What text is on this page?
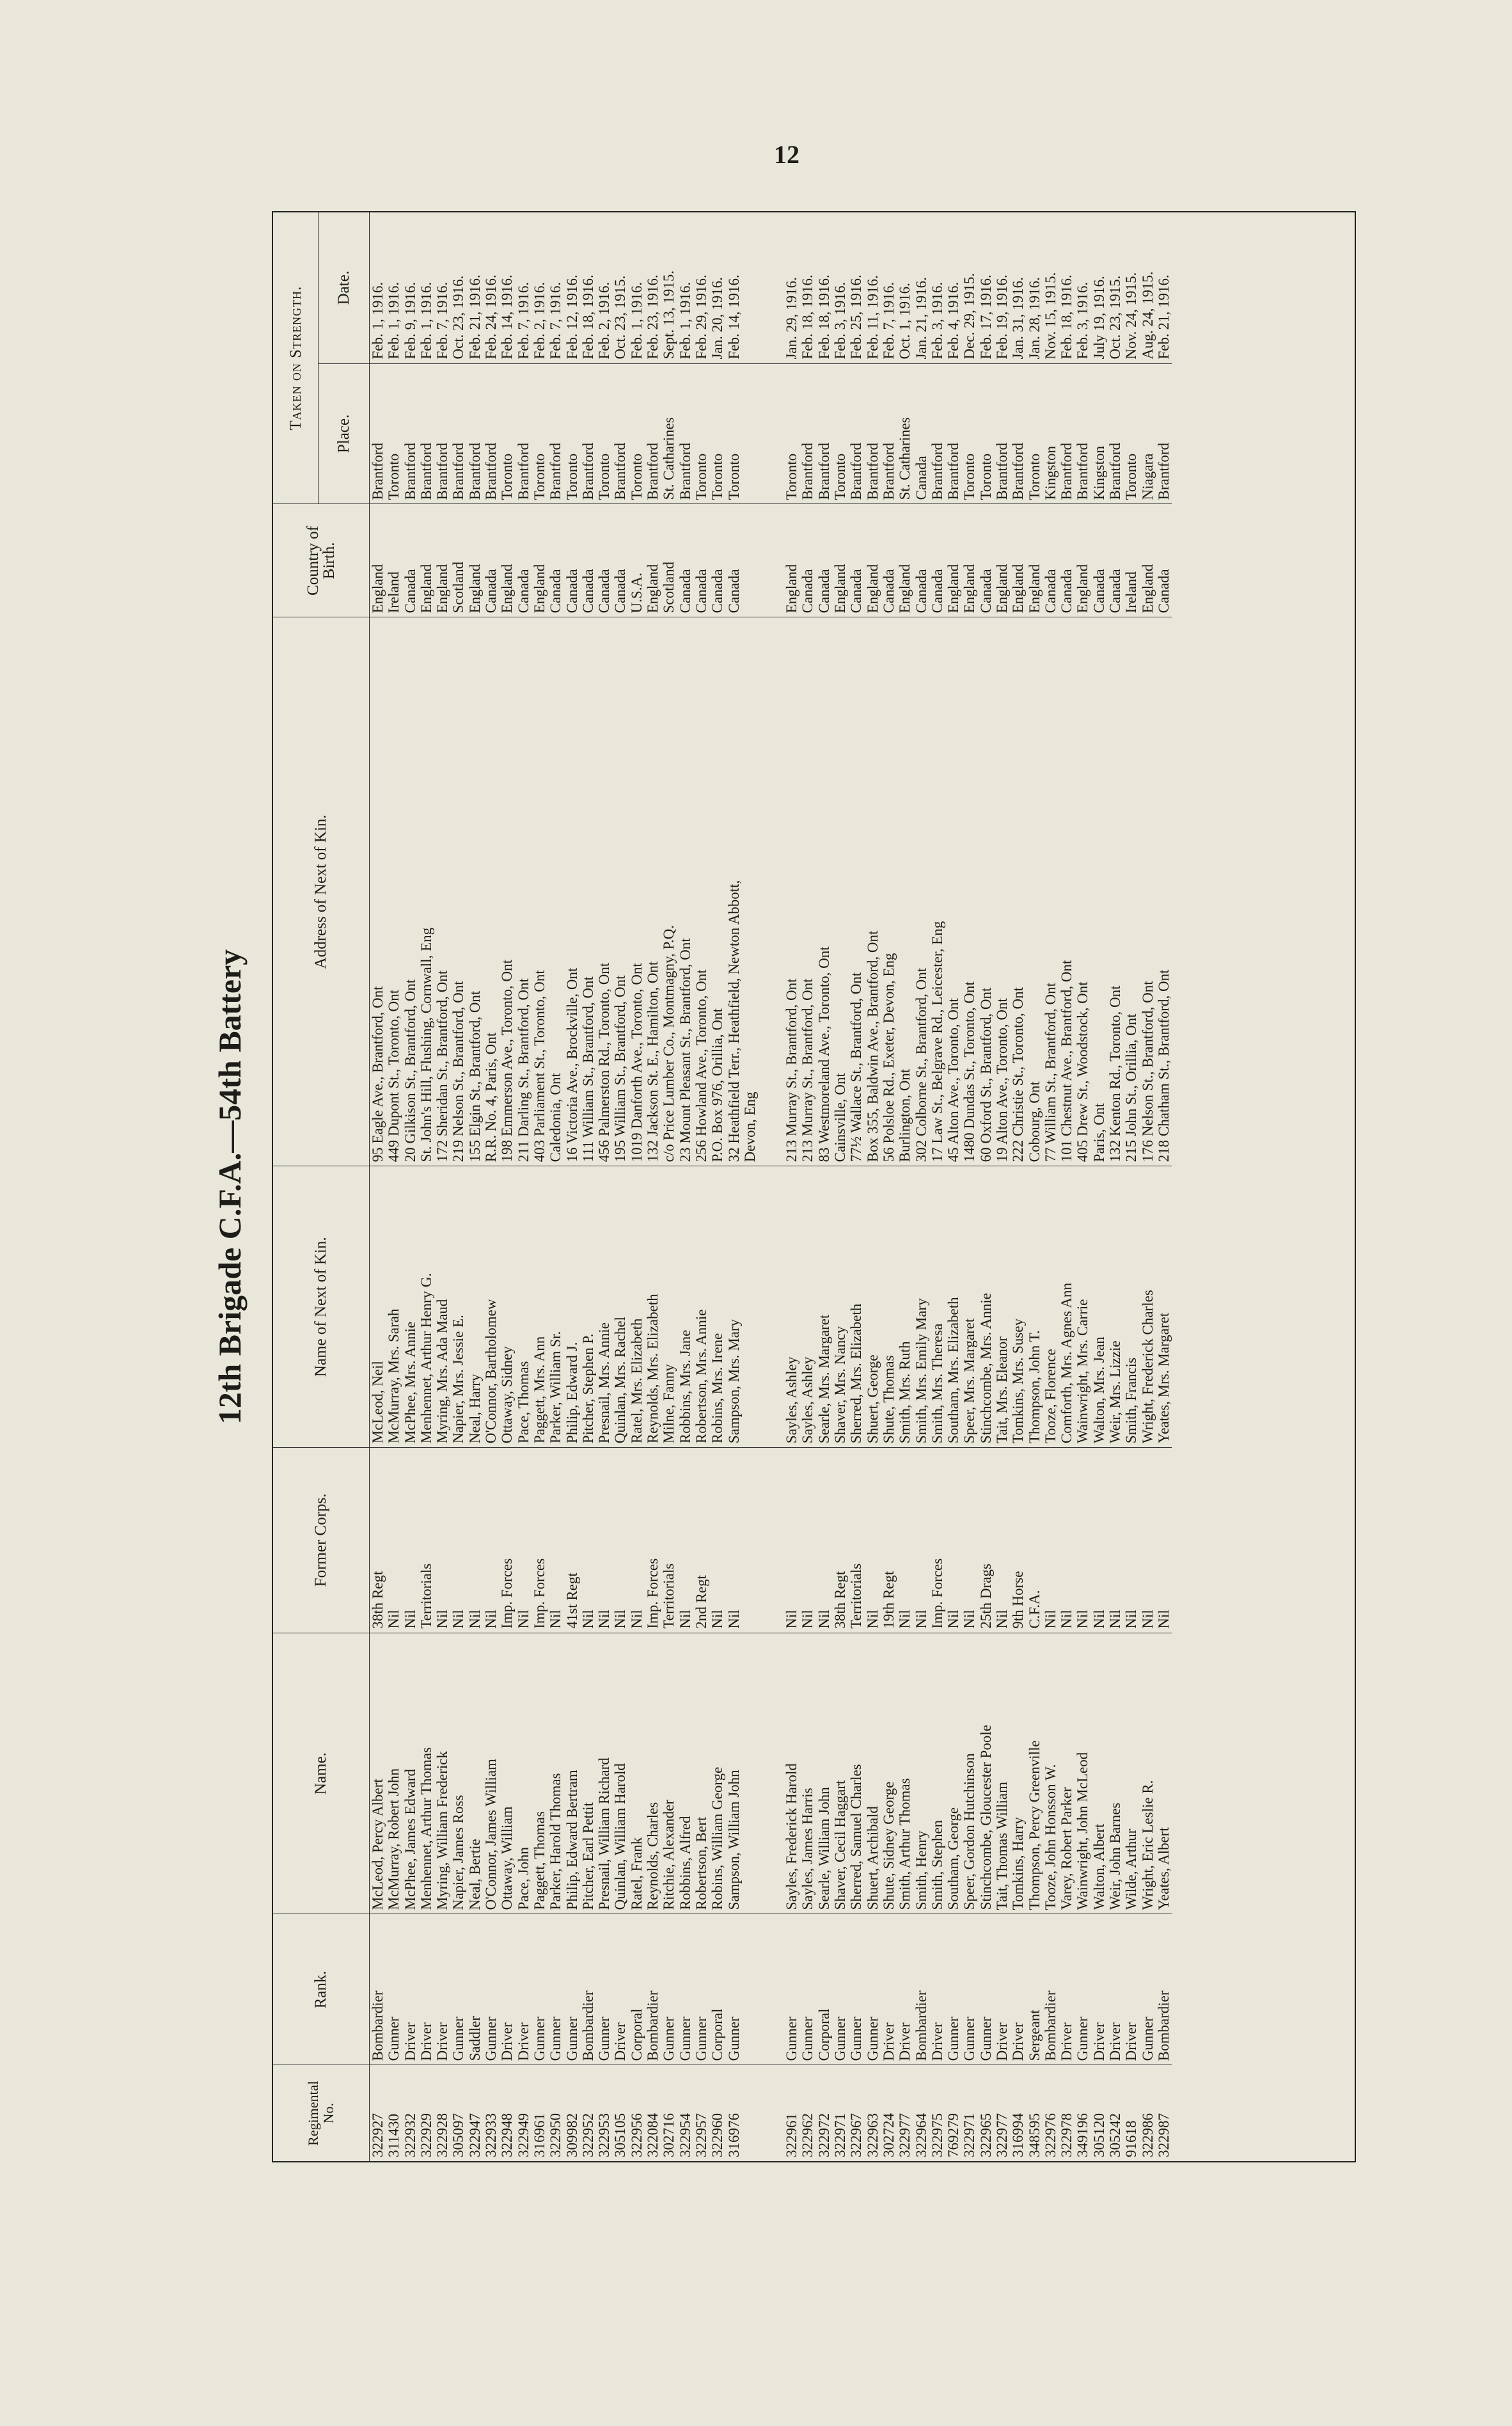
12
12th Brigade C.F.A.—54th Battery
Regimental No.	Rank.	Name.	Former Corps.	Name of Next of Kin.	Address of Next of Kin.	Country of Birth.	Taken on Strength.	
							Place.	Date.
322927	Bombardier	McLeod, Percy Albert	38th Regt	McLeod, Neil	95 Eagle Ave., Brantford, Ont	England	Brantford	Feb. 1, 1916.
311430	Gunner	McMurray, Robert John	Nil	McMurray, Mrs. Sarah	449 Dupont St., Toronto, Ont	Ireland	Toronto	Feb. 1, 1916.
322932	Driver	McPhee, James Edward	Nil	McPhee, Mrs. Annie	20 Gilkison St., Brantford, Ont	Canada	Brantford	Feb. 9, 1916.
322929	Driver	Menhennet, Arthur Thomas	Territorials	Menhennet, Arthur Henry G.	St. John's Hill, Flushing, Cornwall, Eng	England	Brantford	Feb. 1, 1916.
322928	Driver	Myring, William Frederick	Nil	Myring, Mrs. Ada Maud	172 Sheridan St., Brantford, Ont	England	Brantford	Feb. 7, 1916.
305097	Gunner	Napier, James Ross	Nil	Napier, Mrs. Jessie E.	219 Nelson St., Brantford, Ont	Scotland	Brantford	Oct. 23, 1916.
322947	Saddler	Neal, Bertie	Nil	Neal, Harry	155 Elgin St., Brantford, Ont	England	Brantford	Feb. 21, 1916.
322933	Gunner	O'Connor, James William	Nil	O'Connor, Bartholomew	R.R. No. 4, Paris, Ont	Canada	Brantford	Feb. 24, 1916.
322948	Driver	Ottaway, William	Imp. Forces	Ottaway, Sidney	198 Emmerson Ave., Toronto, Ont	England	Toronto	Feb. 14, 1916.
322949	Driver	Pace, John	Nil	Pace, Thomas	211 Darling St., Brantford, Ont	Canada	Brantford	Feb. 7, 1916.
316961	Gunner	Paggett, Thomas	Imp. Forces	Paggett, Mrs. Ann	403 Parliament St., Toronto, Ont	England	Toronto	Feb. 2, 1916.
322950	Gunner	Parker, Harold Thomas	Nil	Parker, William Sr.	Caledonia, Ont	Canada	Brantford	Feb. 7, 1916.
309982	Gunner	Philip, Edward Bertram	41st Regt	Philip, Edward J.	16 Victoria Ave., Brockville, Ont	Canada	Toronto	Feb. 12, 1916.
322952	Bombardier	Pitcher, Earl Pettit	Nil	Pitcher, Stephen P.	111 William St., Brantford, Ont	Canada	Brantford	Feb. 18, 1916.
322953	Gunner	Presnail, William Richard	Nil	Presnail, Mrs. Annie	456 Palmerston Rd., Toronto, Ont	Canada	Toronto	Feb. 2, 1916.
305105	Driver	Quinlan, William Harold	Nil	Quinlan, Mrs. Rachel	195 William St., Brantford, Ont	Canada	Brantford	Oct. 23, 1915.
322956	Corporal	Ratel, Frank	Nil	Ratel, Mrs. Elizabeth	1019 Danforth Ave., Toronto, Ont	U.S.A.	Toronto	Feb. 1, 1916.
322084	Bombardier	Reynolds, Charles	Imp. Forces	Reynolds, Mrs. Elizabeth	132 Jackson St. E., Hamilton, Ont	England	Brantford	Feb. 23, 1916.
302716	Gunner	Ritchie, Alexander	Territorials	Milne, Fanny	c/o Price Lumber Co., Montmagny, P.Q.	Scotland	St. Catharines	Sept. 13, 1915.
322954	Gunner	Robbins, Alfred	Nil	Robbins, Mrs. Jane	23 Mount Pleasant St., Brantford, Ont	Canada	Brantford	Feb. 1, 1916.
322957	Gunner	Robertson, Bert	2nd Regt	Robertson, Mrs. Annie	256 Howland Ave., Toronto, Ont	Canada	Toronto	Feb. 29, 1916.
322960	Corporal	Robins, William George	Nil	Robins, Mrs. Irene	P.O. Box 976, Orillia, Ont	Canada	Toronto	Jan. 20, 1916.
316976	Gunner	Sampson, William John	Nil	Sampson, Mrs. Mary	32 Heathfield Terr., Heathfield, Newton Abbott,	Canada	Toronto	Feb. 14, 1916.
					Devon, Eng			

322961	Gunner	Sayles, Frederick Harold	Nil	Sayles, Ashley	213 Murray St., Brantford, Ont	England	Toronto	Jan. 29, 1916.
322962	Gunner	Sayles, James Harris	Nil	Sayles, Ashley	213 Murray St., Brantford, Ont	Canada	Brantford	Feb. 18, 1916.
322972	Corporal	Searle, William John	Nil	Searle, Mrs. Margaret	83 Westmoreland Ave., Toronto, Ont	Canada	Brantford	Feb. 18, 1916.
322971	Gunner	Shaver, Cecil Haggart	38th Regt	Shaver, Mrs. Nancy	Cainsville, Ont	England	Toronto	Feb. 3, 1916.
322967	Gunner	Sherred, Samuel Charles	Territorials	Sherred, Mrs. Elizabeth	77½ Wallace St., Brantford, Ont	Canada	Brantford	Feb. 25, 1916.
322963	Gunner	Shuert, Archibald	Nil	Shuert, George	Box 355, Baldwin Ave., Brantford, Ont	England	Brantford	Feb. 11, 1916.
302724	Driver	Shute, Sidney George	19th Regt	Shute, Thomas	56 Polsloe Rd., Exeter, Devon, Eng	Canada	Brantford	Feb. 7, 1916.
322977	Driver	Smith, Arthur Thomas	Nil	Smith, Mrs. Ruth	Burlington, Ont	England	St. Catharines	Oct. 1, 1916.
322964	Bombardier	Smith, Henry	Nil	Smith, Mrs. Emily Mary	302 Colborne St., Brantford, Ont	Canada	Canada	Jan. 21, 1916.
322975	Driver	Smith, Stephen	Imp. Forces	Smith, Mrs. Theresa	17 Law St., Belgrave Rd., Leicester, Eng	Canada	Brantford	Feb. 3, 1916.
769279	Gunner	Southam, George	Nil	Southam, Mrs. Elizabeth	45 Alton Ave., Toronto, Ont	England	Brantford	Feb. 4, 1916.
322971	Gunner	Speer, Gordon Hutchinson	Nil	Speer, Mrs. Margaret	1480 Dundas St., Toronto, Ont	England	Toronto	Dec. 29, 1915.
322965	Gunner	Stinchcombe, Gloucester Poole	25th Drags	Stinchcombe, Mrs. Annie	60 Oxford St., Brantford, Ont	Canada	Toronto	Feb. 17, 1916.
322977	Driver	Tait, Thomas William	Nil	Tait, Mrs. Eleanor	19 Alton Ave., Toronto, Ont	England	Brantford	Feb. 19, 1916.
316994	Driver	Tomkins, Harry	9th Horse	Tomkins, Mrs. Susey	222 Christie St., Toronto, Ont	England	Brantford	Jan. 31, 1916.
348595	Sergeant	Thompson, Percy Greenville	C.F.A.	Thompson, John T.	Cobourg, Ont	England	Toronto	Jan. 28, 1916.
322976	Bombardier	Tooze, John Honsson W.	Nil	Tooze, Florence	77 William St., Brantford, Ont	Canada	Kingston	Nov. 15, 1915.
322978	Driver	Varey, Robert Parker	Nil	Comforth, Mrs. Agnes Ann	101 Chestnut Ave., Brantford, Ont	Canada	Brantford	Feb. 18, 1916.
349196	Gunner	Wainwright, John McLeod	Nil	Wainwright, Mrs. Carrie	405 Drew St., Woodstock, Ont	England	Brantford	Feb. 3, 1916.
305120	Driver	Walton, Albert	Nil	Walton, Mrs. Jean	Paris, Ont	Canada	Kingston	July 19, 1916.
305242	Driver	Weir, John Barnes	Nil	Weir, Mrs. Lizzie	132 Kenton Rd., Toronto, Ont	Canada	Brantford	Oct. 23, 1915.
91618	Driver	Wilde, Arthur	Nil	Smith, Francis	215 John St., Orillia, Ont	Ireland	Toronto	Nov. 24, 1915.
322986	Gunner	Wright, Eric Leslie R.	Nil	Wright, Frederick Charles	176 Nelson St., Brantford, Ont	England	Niagara	Aug. 24, 1915.
322987	Bombardier	Yeates, Albert	Nil	Yeates, Mrs. Margaret	218 Chatham St., Brantford, Ont	Canada	Brantford	Feb. 21, 1916.
